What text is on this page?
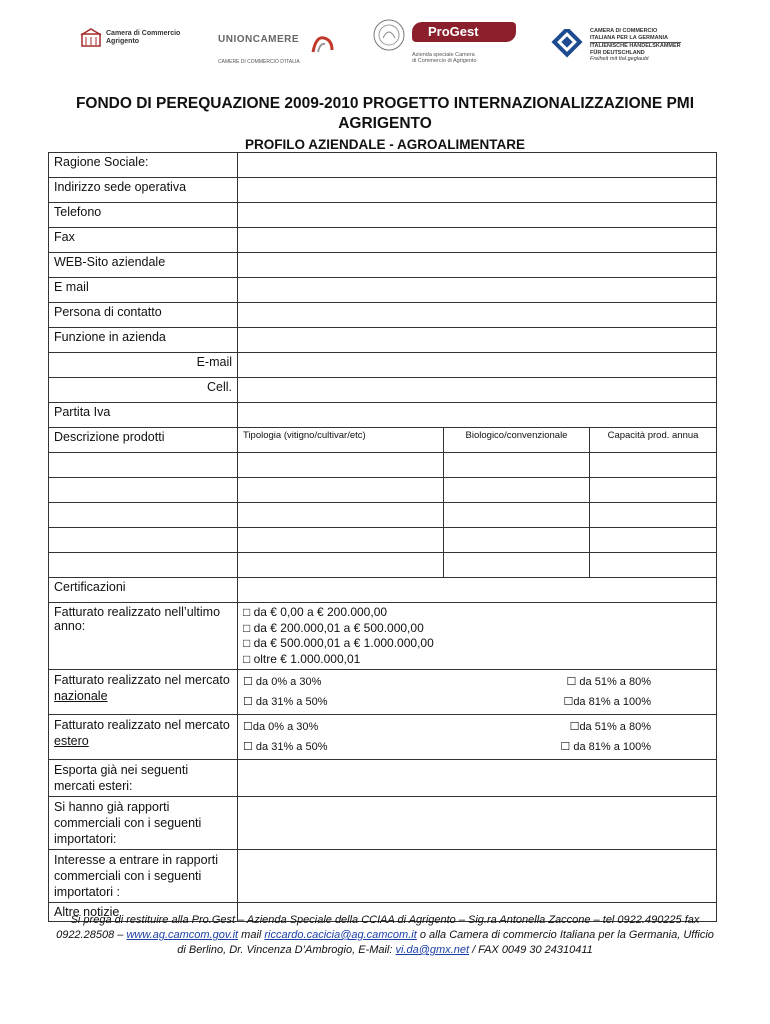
Camera di Commercio
Agrigento	UNIONCAMERE
CAMERE DI COMMERCIO D'ITALIA
ProGest
Azienda speciale Camera
di Commercio di Agrigento
CAMERA DI COMMERCIO
ITALIANA PER LA GERMANIA
ITALIENISCHE HANDELSKAMMER
FÜR DEUTSCHLAND
Freiheit mit Ital.geglaubt
FONDO DI PEREQUAZIONE 2009-2010 PROGETTO INTERNAZIONALIZZAZIONE PMI
AGRIGENTO
PROFILO AZIENDALE - AGROALIMENTARE
Ragione Sociale:			
Indirizzo sede operativa			
Telefono			
Fax			
WEB-Sito aziendale			
E mail			
Persona di contatto			
Funzione in azienda			
E-mail			
Cell.			
Partita Iva			
Descrizione prodotti	Tipologia (vitigno/cultivar/etc)	Biologico/convenzionale	Capacità prod. annua

Certificazioni			
Fatturato realizzato nell’ultimo anno:	□ da € 0,00 a € 200.000,00
□ da € 200.000,01 a € 500.000,00
□ da € 500.000,01 a € 1.000.000,00
□ oltre € 1.000.000,01		

Fatturato realizzato nel mercato nazionale	☐ da 0% a 30% ☐ da 51% a 80%
☐ da 31% a 50% ☐da 81% a 100%		

Fatturato realizzato nel mercato estero	☐da 0% a 30% ☐da 51% a 80%
☐ da 31% a 50% ☐ da 81% a 100%		

Esporta già nei seguenti mercati esteri:			
Si hanno già rapporti commerciali con i seguenti importatori:			
Interesse a entrare in rapporti commerciali con i seguenti importatori :			
Altre notizie			
Si prega di restituire alla Pro.Gest – Azienda Speciale della CCIAA di Agrigento – Sig.ra Antonella Zaccone – tel 0922.490225 fax 0922.28508 – www.ag.camcom.gov.it mail riccardo.cacicia@ag.camcom.it o alla Camera di commercio Italiana per la Germania, Ufficio di Berlino, Dr. Vincenza D’Ambrogio, E-Mail: vi.da@gmx.net / FAX 0049 30 24310411
